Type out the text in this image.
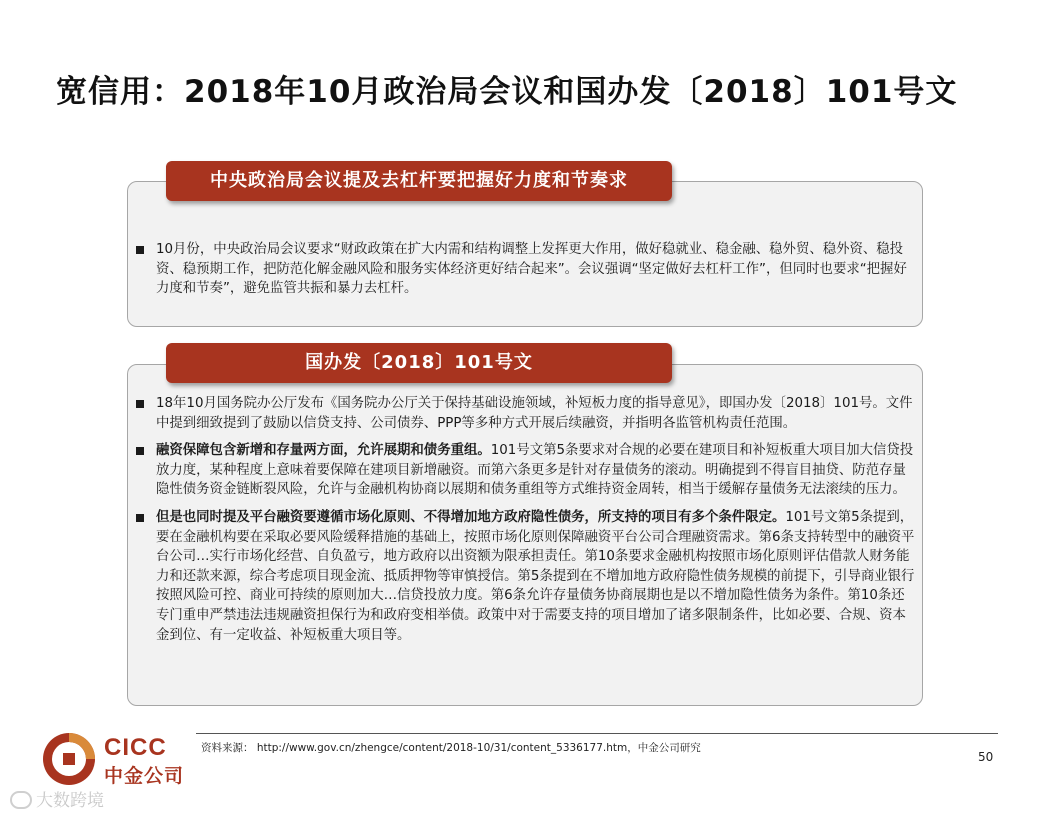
宽信用：2018年10月政治局会议和国办发〔2018〕101号文
中央政治局会议提及去杠杆要把握好力度和节奏求
10月份，中央政治局会议要求“财政政策在扩大内需和结构调整上发挥更大作用，做好稳就业、稳金融、稳外贸、稳外资、稳投资、稳预期工作，把防范化解金融风险和服务实体经济更好结合起来”。会议强调“坚定做好去杠杆工作”，但同时也要求“把握好力度和节奏”，避免监管共振和暴力去杠杆。
国办发〔2018〕101号文
18年10月国务院办公厅发布《国务院办公厅关于保持基础设施领域，补短板力度的指导意见》，即国办发〔2018〕101号。文件中提到细致提到了鼓励以信贷支持、公司债券、PPP等多种方式开展后续融资，并指明各监管机构责任范围。
融资保障包含新增和存量两方面，允许展期和债务重组。101号文第5条要求对合规的必要在建项目和补短板重大项目加大信贷投放力度，某种程度上意味着要保障在建项目新增融资。而第六条更多是针对存量债务的滚动。明确提到不得盲目抽贷、防范存量隐性债务资金链断裂风险，允许与金融机构协商以展期和债务重组等方式维持资金周转，相当于缓解存量债务无法滚续的压力。
但是也同时提及平台融资要遵循市场化原则、不得增加地方政府隐性债务，所支持的项目有多个条件限定。101号文第5条提到，要在金融机构要在采取必要风险缓释措施的基础上，按照市场化原则保障融资平台公司合理融资需求。第6条支持转型中的融资平台公司…实行市场化经营、自负盈亏，地方政府以出资额为限承担责任。第10条要求金融机构按照市场化原则评估借款人财务能力和还款来源，综合考虑项目现金流、抵质押物等审慎授信。第5条提到在不增加地方政府隐性债务规模的前提下，引导商业银行按照风险可控、商业可持续的原则加大…信贷投放力度。第6条允许存量债务协商展期也是以不增加隐性债务为条件。第10条还专门重申严禁违法违规融资担保行为和政府变相举债。政策中对于需要支持的项目增加了诸多限制条件，比如必要、合规、资本金到位、有一定收益、补短板重大项目等。
资料来源： http://www.gov.cn/zhengce/content/2018-10/31/content_5336177.htm，中金公司研究
50
CICC
中金公司
大数跨境
